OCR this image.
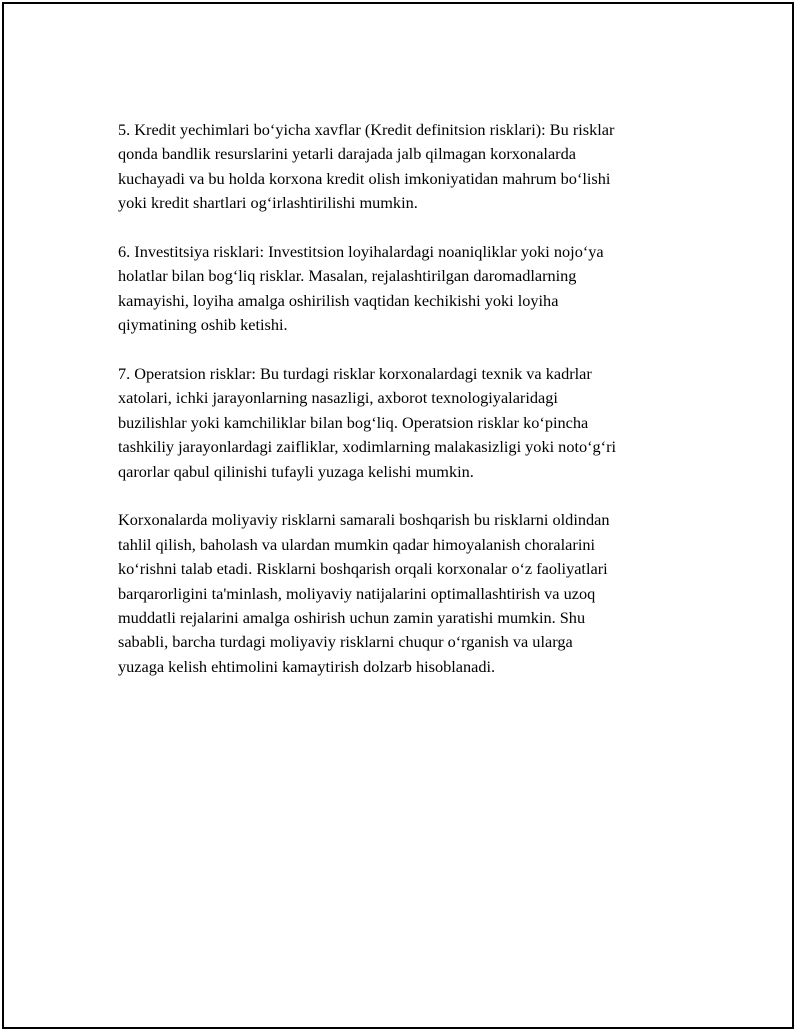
5. Kredit yechimlari bo‘yicha xavflar (Kredit definitsion risklari): Bu risklar
qonda bandlik resurslarini yetarli darajada jalb qilmagan korxonalarda
kuchayadi va bu holda korxona kredit olish imkoniyatidan mahrum bo‘lishi
yoki kredit shartlari og‘irlashtirilishi mumkin.

6. Investitsiya risklari: Investitsion loyihalardagi noaniqliklar yoki nojo‘ya
holatlar bilan bog‘liq risklar. Masalan, rejalashtirilgan daromadlarning
kamayishi, loyiha amalga oshirilish vaqtidan kechikishi yoki loyiha
qiymatining oshib ketishi.

7. Operatsion risklar: Bu turdagi risklar korxonalardagi texnik va kadrlar
xatolari, ichki jarayonlarning nasazligi, axborot texnologiyalaridagi
buzilishlar yoki kamchiliklar bilan bog‘liq. Operatsion risklar ko‘pincha
tashkiliy jarayonlardagi zaifliklar, xodimlarning malakasizligi yoki noto‘g‘ri
qarorlar qabul qilinishi tufayli yuzaga kelishi mumkin.

Korxonalarda moliyaviy risklarni samarali boshqarish bu risklarni oldindan
tahlil qilish, baholash va ulardan mumkin qadar himoyalanish choralarini
ko‘rishni talab etadi. Risklarni boshqarish orqali korxonalar o‘z faoliyatlari
barqarorligini ta'minlash, moliyaviy natijalarini optimallashtirish va uzoq
muddatli rejalarini amalga oshirish uchun zamin yaratishi mumkin. Shu
sababli, barcha turdagi moliyaviy risklarni chuqur o‘rganish va ularga
yuzaga kelish ehtimolini kamaytirish dolzarb hisoblanadi.
